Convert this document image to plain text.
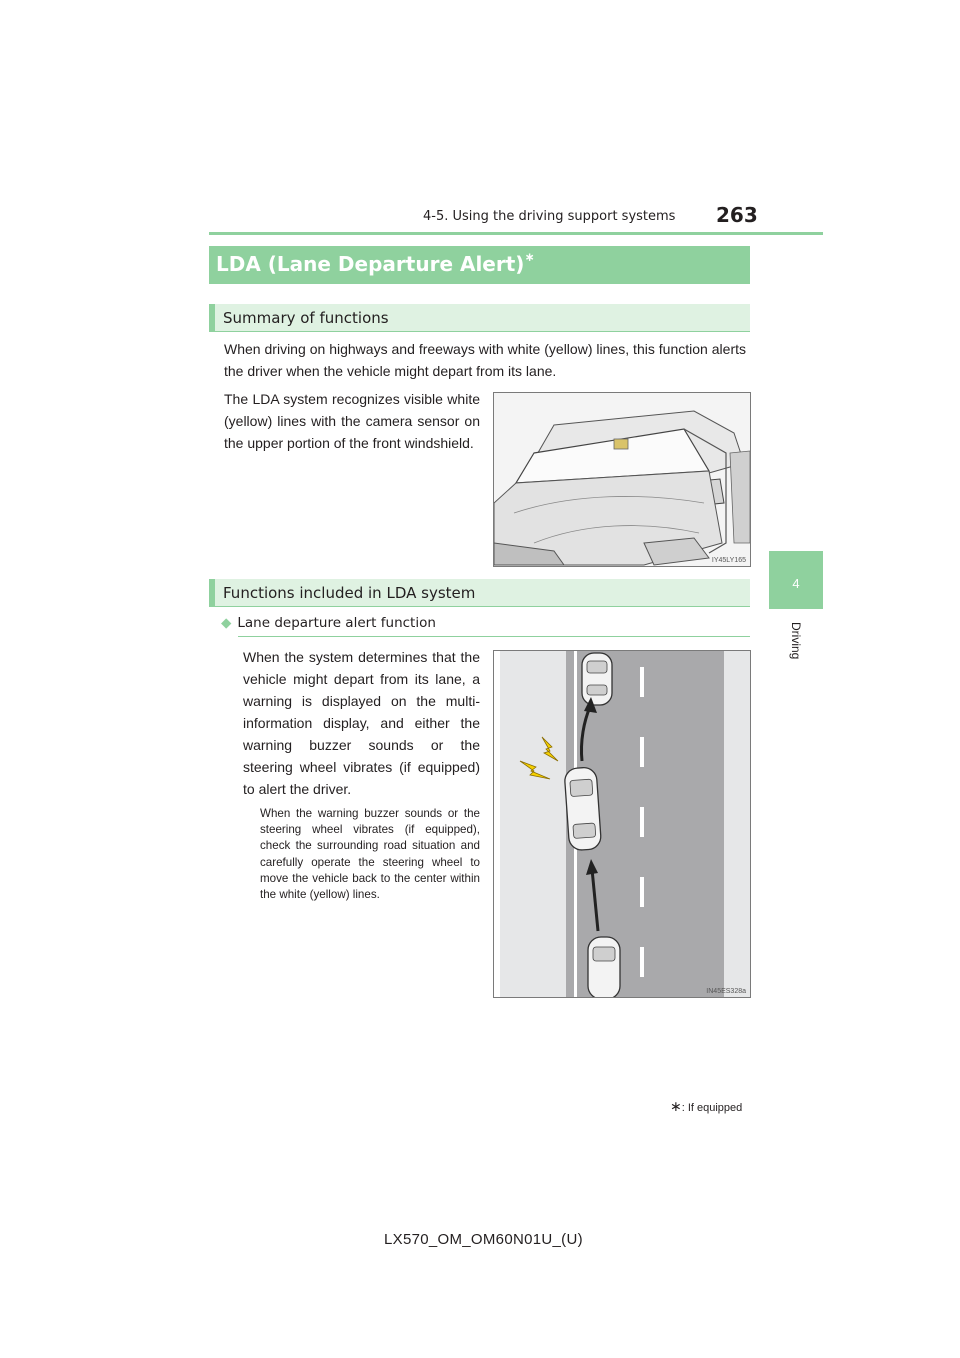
4-5. Using the driving support systems 263
4
Driving
LDA (Lane Departure Alert)∗
Summary of functions
When driving on highways and freeways with white (yellow) lines, this function alerts the driver when the vehicle might depart from its lane.
The LDA system recognizes visible white (yellow) lines with the camera sensor on the upper portion of the front windshield.
IY45LY165
Functions included in LDA system
◆ Lane departure alert function
When the system determines that the vehicle might depart from its lane, a warning is displayed on the multi-information display, and either the warning buzzer sounds or the steering wheel vibrates (if equipped) to alert the driver.
When the warning buzzer sounds or the steering wheel vibrates (if equipped), check the surrounding road situation and carefully operate the steering wheel to move the vehicle back to the center within the white (yellow) lines.
IN45ES328a
∗: If equipped
LX570_OM_OM60N01U_(U)
